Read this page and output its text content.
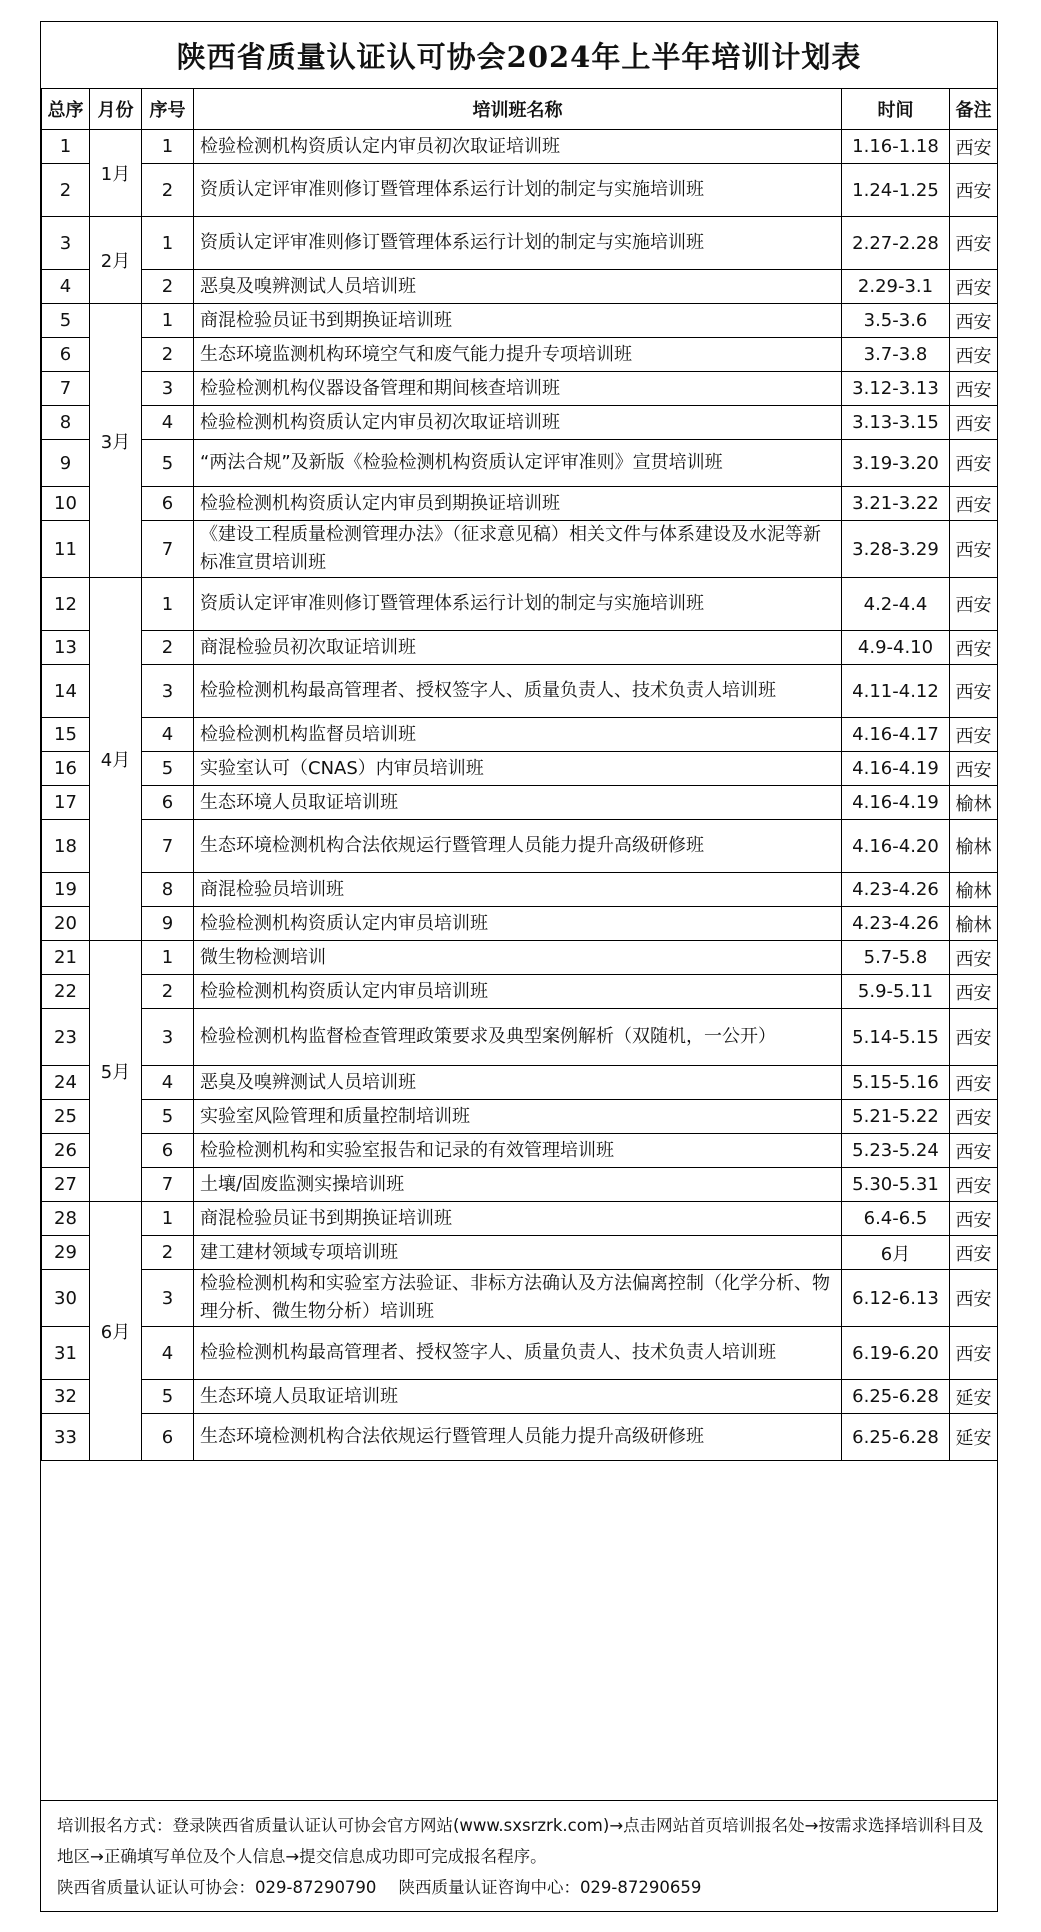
陕西省质量认证认可协会2024年上半年培训计划表
总序	月份	序号	培训班名称	时间	备注
1	1月	1	检验检测机构资质认定内审员初次取证培训班	1.16-1.18	西安
2		2	资质认定评审准则修订暨管理体系运行计划的制定与实施培训班	1.24-1.25	西安
3	2月	1	资质认定评审准则修订暨管理体系运行计划的制定与实施培训班	2.27-2.28	西安
4		2	恶臭及嗅辨测试人员培训班	2.29-3.1	西安
5	3月	1	商混检验员证书到期换证培训班	3.5-3.6	西安
6		2	生态环境监测机构环境空气和废气能力提升专项培训班	3.7-3.8	西安
7		3	检验检测机构仪器设备管理和期间核查培训班	3.12-3.13	西安
8		4	检验检测机构资质认定内审员初次取证培训班	3.13-3.15	西安
9		5	“两法合规”及新版《检验检测机构资质认定评审准则》宣贯培训班	3.19-3.20	西安
10		6	检验检测机构资质认定内审员到期换证培训班	3.21-3.22	西安
11		7	《建设工程质量检测管理办法》（征求意见稿）相关文件与体系建设及水泥等新标准宣贯培训班	3.28-3.29	西安
12	4月	1	资质认定评审准则修订暨管理体系运行计划的制定与实施培训班	4.2-4.4	西安
13		2	商混检验员初次取证培训班	4.9-4.10	西安
14		3	检验检测机构最高管理者、授权签字人、质量负责人、技术负责人培训班	4.11-4.12	西安
15		4	检验检测机构监督员培训班	4.16-4.17	西安
16		5	实验室认可（CNAS）内审员培训班	4.16-4.19	西安
17		6	生态环境人员取证培训班	4.16-4.19	榆林
18		7	生态环境检测机构合法依规运行暨管理人员能力提升高级研修班	4.16-4.20	榆林
19		8	商混检验员培训班	4.23-4.26	榆林
20		9	检验检测机构资质认定内审员培训班	4.23-4.26	榆林
21	5月	1	微生物检测培训	5.7-5.8	西安
22		2	检验检测机构资质认定内审员培训班	5.9-5.11	西安
23		3	检验检测机构监督检查管理政策要求及典型案例解析（双随机，一公开）	5.14-5.15	西安
24		4	恶臭及嗅辨测试人员培训班	5.15-5.16	西安
25		5	实验室风险管理和质量控制培训班	5.21-5.22	西安
26		6	检验检测机构和实验室报告和记录的有效管理培训班	5.23-5.24	西安
27		7	土壤/固废监测实操培训班	5.30-5.31	西安
28	6月	1	商混检验员证书到期换证培训班	6.4-6.5	西安
29		2	建工建材领域专项培训班	6月	西安
30		3	检验检测机构和实验室方法验证、非标方法确认及方法偏离控制（化学分析、物理分析、微生物分析）培训班	6.12-6.13	西安
31		4	检验检测机构最高管理者、授权签字人、质量负责人、技术负责人培训班	6.19-6.20	西安
32		5	生态环境人员取证培训班	6.25-6.28	延安
33		6	生态环境检测机构合法依规运行暨管理人员能力提升高级研修班	6.25-6.28	延安

培训报名方式：登录陕西省质量认证认可协会官方网站(www.sxsrzrk.com)→点击网站首页培训报名处→按需求选择培训科目及地区→正确填写单位及个人信息→提交信息成功即可完成报名程序。

陕西省质量认证认可协会：029-87290790 陕西质量认证咨询中心：029-87290659
